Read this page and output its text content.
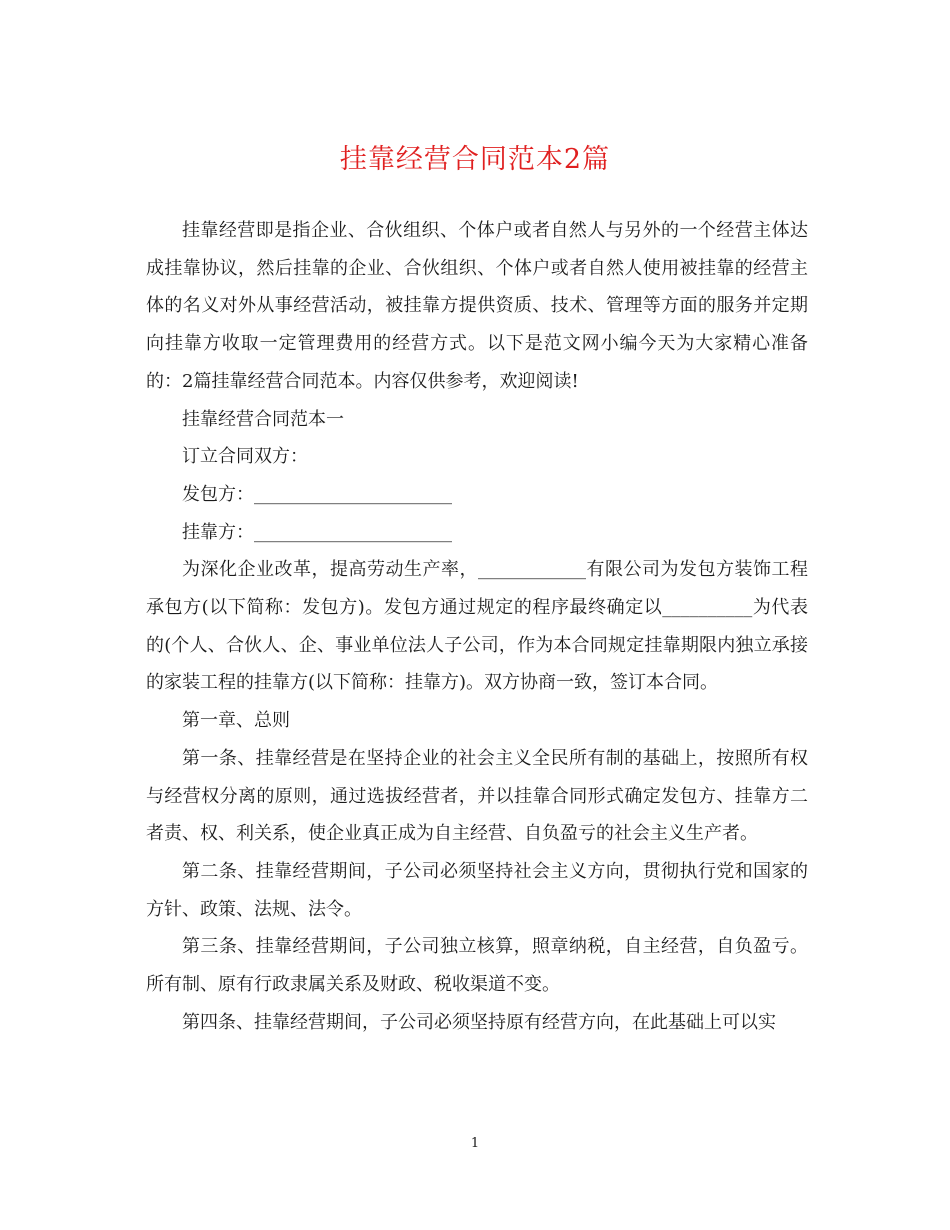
挂靠经营合同范本2篇

挂靠经营即是指企业、合伙组织、个体户或者自然人与另外的一个经营主体达成挂靠协议，然后挂靠的企业、合伙组织、个体户或者自然人使用被挂靠的经营主体的名义对外从事经营活动，被挂靠方提供资质、技术、管理等方面的服务并定期向挂靠方收取一定管理费用的经营方式。以下是范文网小编今天为大家精心准备的：2篇挂靠经营合同范本。内容仅供参考，欢迎阅读!

挂靠经营合同范本一

订立合同双方：

发包方：______________________

挂靠方：______________________

为深化企业改革，提高劳动生产率，____________有限公司为发包方装饰工程承包方(以下简称：发包方)。发包方通过规定的程序最终确定以__________为代表的(个人、合伙人、企、事业单位法人子公司，作为本合同规定挂靠期限内独立承接的家装工程的挂靠方(以下简称：挂靠方)。双方协商一致，签订本合同。

第一章、总则

第一条、挂靠经营是在坚持企业的社会主义全民所有制的基础上，按照所有权与经营权分离的原则，通过选拔经营者，并以挂靠合同形式确定发包方、挂靠方二者责、权、利关系，使企业真正成为自主经营、自负盈亏的社会主义生产者。

第二条、挂靠经营期间，子公司必须坚持社会主义方向，贯彻执行党和国家的方针、政策、法规、法令。

第三条、挂靠经营期间，子公司独立核算，照章纳税，自主经营，自负盈亏。所有制、原有行政隶属关系及财政、税收渠道不变。

第四条、挂靠经营期间，子公司必须坚持原有经营方向，在此基础上可以实

1
